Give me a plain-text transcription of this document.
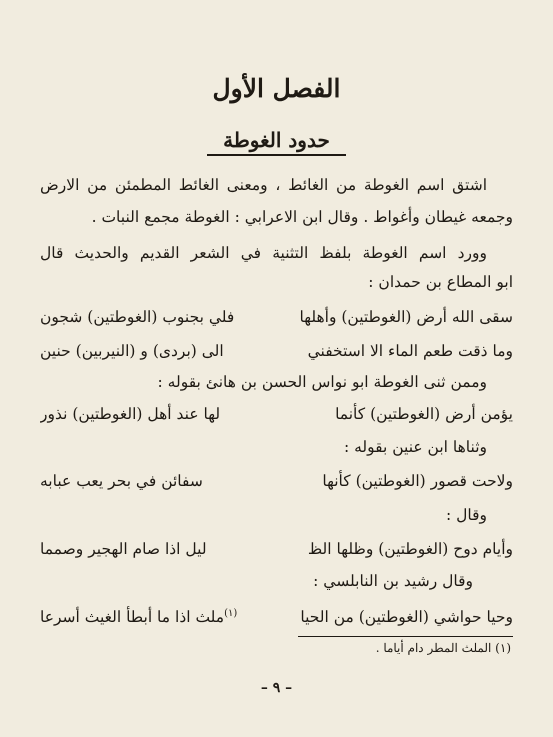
الفصل الأول
حدود الغوطة
اشتق اسم الغوطة من الغائط ، ومعنى الغائط المطمئن من الارض
وجمعه غيطان وأغواط . وقال ابن الاعرابي : الغوطة مجمع النبات .
وورد اسم الغوطة بلفظ التثنية في الشعر القديم والحديث قال
ابو المطاع بن حمدان :
سقى الله أرض (الغوطتين) وأهلها
فلي بجنوب (الغوطتين) شجون
وما ذقت طعم الماء الا استخفني
الى (بردى) و (النيربين) حنين
وممن ثنى الغوطة ابو نواس الحسن بن هانئ بقوله :
يؤمن أرض (الغوطتين) كأنما
لها عند أهل (الغوطتين) نذور
وثناها ابن عنين بقوله :
ولاحت قصور (الغوطتين) كأنها
سفائن في بحر يعب عبابه
وقال :
وأيام دوح (الغوطتين) وظلها الظ
ليل اذا صام الهجير وصمما
وقال رشيد بن النابلسي :
وحيا حواشي (الغوطتين) من الحيا
$^{(١)}$ملث اذا ما أبطأ الغيث أسرعا
(١) الملث المطر دام أياما .
– ٩ –
